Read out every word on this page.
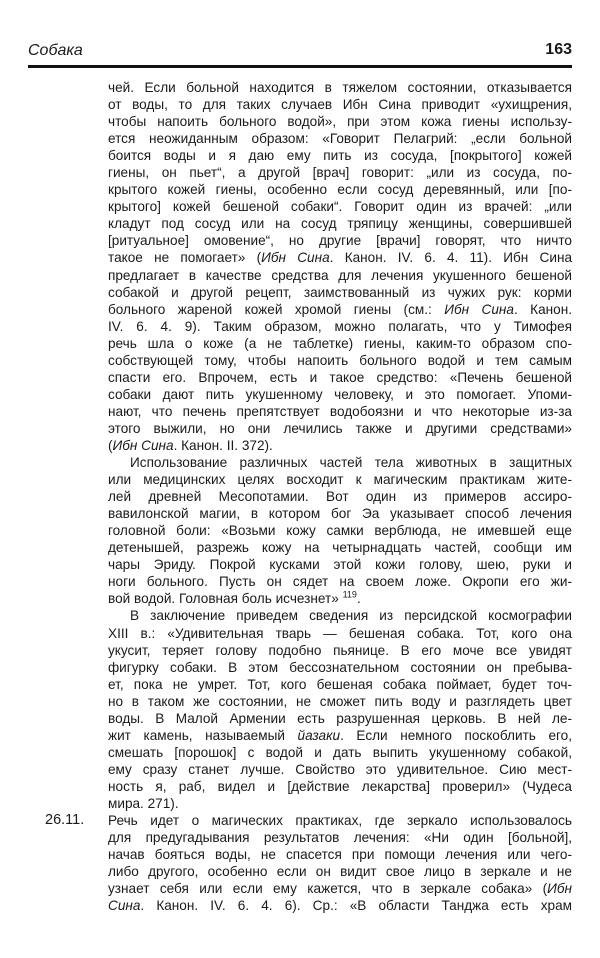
Собака	163
чей. Если больной находится в тяжелом состоянии, отказывается
от воды, то для таких случаев Ибн Сина приводит «ухищрения,
чтобы напоить больного водой», при этом кожа гиены использу-
ется неожиданным образом: «Говорит Пелагрий: „если больной
боится воды и я даю ему пить из сосуда, [покрытого] кожей
гиены, он пьет“, а другой [врач] говорит: „или из сосуда, по-
крытого кожей гиены, особенно если сосуд деревянный, или [по-
крытого] кожей бешеной собаки“. Говорит один из врачей: „или
кладут под сосуд или на сосуд тряпицу женщины, совершившей
[ритуальное] омовение“, но другие [врачи] говорят, что ничто
такое не помогает» (Ибн Сина. Канон. IV. 6. 4. 11). Ибн Сина
предлагает в качестве средства для лечения укушенного бешеной
собакой и другой рецепт, заимствованный из чужих рук: корми
больного жареной кожей хромой гиены (см.: Ибн Сина. Канон.
IV. 6. 4. 9). Таким образом, можно полагать, что у Тимофея
речь шла о коже (а не таблетке) гиены, каким-то образом спо-
собствующей тому, чтобы напоить больного водой и тем самым
спасти его. Впрочем, есть и такое средство: «Печень бешеной
собаки дают пить укушенному человеку, и это помогает. Упоми-
нают, что печень препятствует водобоязни и что некоторые из-за
этого выжили, но они лечились также и другими средствами»
(Ибн Сина. Канон. II. 372).
Использование различных частей тела животных в защитных
или медицинских целях восходит к магическим практикам жите-
лей древней Месопотамии. Вот один из примеров ассиро-
вавилонской магии, в котором бог Эа указывает способ лечения
головной боли: «Возьми кожу самки верблюда, не имевшей еще
детенышей, разрежь кожу на четырнадцать частей, сообщи им
чары Эриду. Покрой кусками этой кожи голову, шею, руки и
ноги больного. Пусть он сядет на своем ложе. Окропи его жи-
вой водой. Головная боль исчезнет» $^{119}$.
В заключение приведем сведения из персидской космографии
XIII в.: «Удивительная тварь — бешеная собака. Тот, кого она
укусит, теряет голову подобно пьянице. В его моче все увидят
фигурку собаки. В этом бессознательном состоянии он пребыва-
ет, пока не умрет. Тот, кого бешеная собака поймает, будет точ-
но в таком же состоянии, не сможет пить воду и разглядеть цвет
воды. В Малой Армении есть разрушенная церковь. В ней ле-
жит камень, называемый йазаки. Если немного поскоблить его,
смешать [порошок] с водой и дать выпить укушенному собакой,
ему сразу станет лучше. Свойство это удивительное. Сию мест-
ность я, раб, видел и [действие лекарства] проверил» (Чудеса
мира. 271).
26.11. Речь идет о магических практиках, где зеркало использовалось
для предугадывания результатов лечения: «Ни один [больной],
начав бояться воды, не спасется при помощи лечения или чего-
либо другого, особенно если он видит свое лицо в зеркале и не
узнает себя или если ему кажется, что в зеркале собака» (Ибн
Сина. Канон. IV. 6. 4. 6). Ср.: «В области Танджа есть храм
